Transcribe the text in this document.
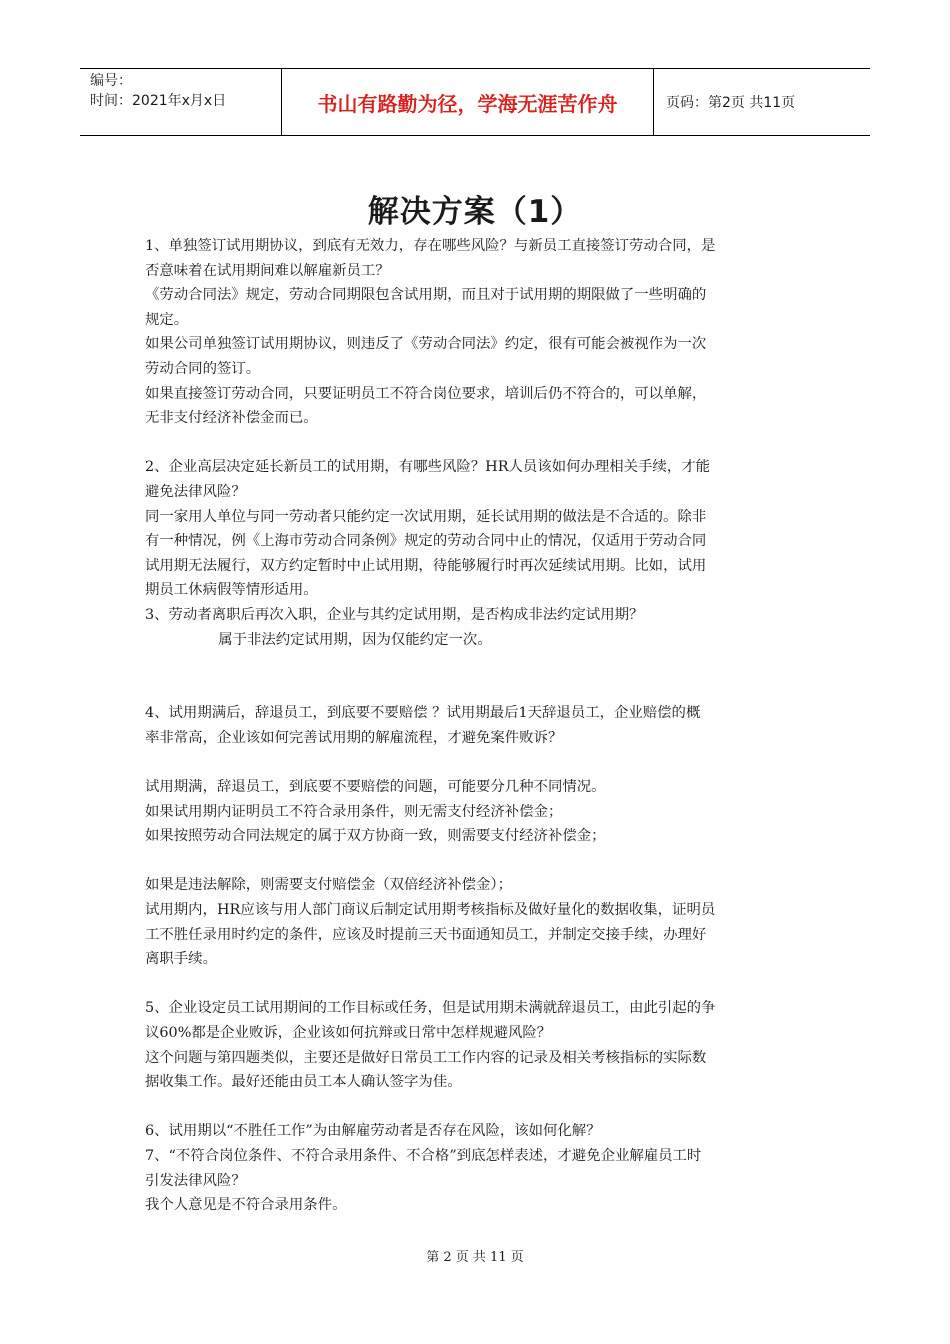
编号：
时间：2021年x月x日	书山有路勤为径，学海无涯苦作舟	页码：第2页 共11页
解决方案（1）

1、单独签订试用期协议，到底有无效力，存在哪些风险？与新员工直接签订劳动合同，是

否意味着在试用期间难以解雇新员工？

《劳动合同法》规定，劳动合同期限包含试用期，而且对于试用期的期限做了一些明确的

规定。

如果公司单独签订试用期协议，则违反了《劳动合同法》约定，很有可能会被视作为一次

劳动合同的签订。

如果直接签订劳动合同，只要证明员工不符合岗位要求，培训后仍不符合的，可以单解，

无非支付经济补偿金而已。

2、企业高层决定延长新员工的试用期，有哪些风险？HR人员该如何办理相关手续，才能

避免法律风险？

同一家用人单位与同一劳动者只能约定一次试用期，延长试用期的做法是不合适的。除非

有一种情况，例《上海市劳动合同条例》规定的劳动合同中止的情况，仅适用于劳动合同

试用期无法履行，双方约定暂时中止试用期，待能够履行时再次延续试用期。比如，试用

期员工休病假等情形适用。

3、劳动者离职后再次入职，企业与其约定试用期，是否构成非法约定试用期？

属于非法约定试用期，因为仅能约定一次。

4、试用期满后，辞退员工，到底要不要赔偿 ？试用期最后1天辞退员工，企业赔偿的概

率非常高，企业该如何完善试用期的解雇流程，才避免案件败诉？

试用期满，辞退员工，到底要不要赔偿的问题，可能要分几种不同情况。

如果试用期内证明员工不符合录用条件，则无需支付经济补偿金；

如果按照劳动合同法规定的属于双方协商一致，则需要支付经济补偿金；

如果是违法解除，则需要支付赔偿金（双倍经济补偿金）；

试用期内，HR应该与用人部门商议后制定试用期考核指标及做好量化的数据收集，证明员

工不胜任录用时约定的条件，应该及时提前三天书面通知员工，并制定交接手续，办理好

离职手续。

5、企业设定员工试用期间的工作目标或任务，但是试用期未满就辞退员工，由此引起的争

议60%都是企业败诉，企业该如何抗辩或日常中怎样规避风险？

这个问题与第四题类似，主要还是做好日常员工工作内容的记录及相关考核指标的实际数

据收集工作。最好还能由员工本人确认签字为佳。

6、试用期以“不胜任工作”为由解雇劳动者是否存在风险，该如何化解？

7、“不符合岗位条件、不符合录用条件、不合格”到底怎样表述，才避免企业解雇员工时

引发法律风险？

我个人意见是不符合录用条件。

第 2 页 共 11 页
